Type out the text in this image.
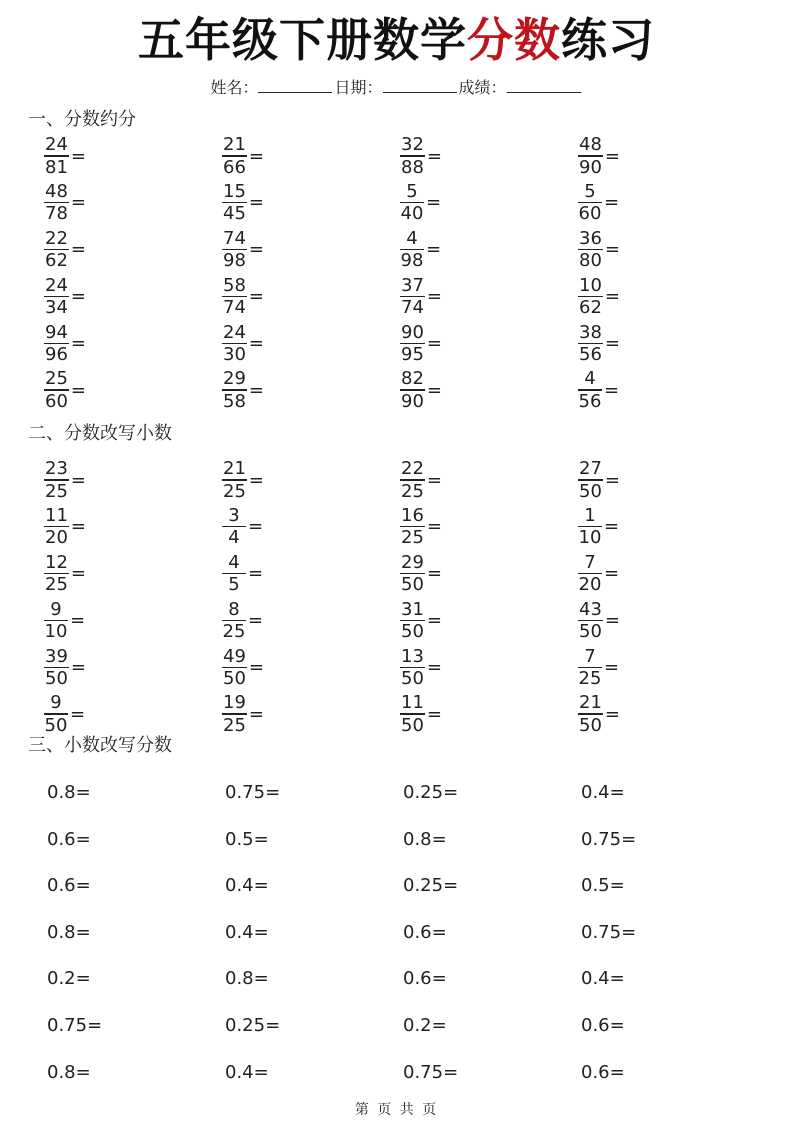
五年级下册数学分数练习
姓名：	日期：	成绩：
一、分数约分
$\frac{24}{81}$ =	$\frac{21}{66}$ =	$\frac{32}{88}$ =	$\frac{48}{90}$ =
$\frac{48}{78}$ =	$\frac{15}{45}$ =	$\frac{5}{40}$ =	$\frac{5}{60}$ =
$\frac{22}{62}$ =	$\frac{74}{98}$ =	$\frac{4}{98}$ =	$\frac{36}{80}$ =
$\frac{24}{34}$ =	$\frac{58}{74}$ =	$\frac{37}{74}$ =	$\frac{10}{62}$ =
$\frac{94}{96}$ =	$\frac{24}{30}$ =	$\frac{90}{95}$ =	$\frac{38}{56}$ =
$\frac{25}{60}$ =	$\frac{29}{58}$ =	$\frac{82}{90}$ =	$\frac{4}{56}$ =
二、分数改写小数
$\frac{23}{25}$ =	$\frac{21}{25}$ =	$\frac{22}{25}$ =	$\frac{27}{50}$ =
$\frac{11}{20}$ =	$\frac{3}{4}$ =	$\frac{16}{25}$ =	$\frac{1}{10}$ =
$\frac{12}{25}$ =	$\frac{4}{5}$ =	$\frac{29}{50}$ =	$\frac{7}{20}$ =
$\frac{9}{10}$ =	$\frac{8}{25}$ =	$\frac{31}{50}$ =	$\frac{43}{50}$ =
$\frac{39}{50}$ =	$\frac{49}{50}$ =	$\frac{13}{50}$ =	$\frac{7}{25}$ =
$\frac{9}{50}$ =	$\frac{19}{25}$ =	$\frac{11}{50}$ =	$\frac{21}{50}$ =
三、小数改写分数
0.8=	0.75=	0.25=	0.4=
0.6=	0.5=	0.8=	0.75=
0.6=	0.4=	0.25=	0.5=
0.8=	0.4=	0.6=	0.75=
0.2=	0.8=	0.6=	0.4=
0.75=	0.25=	0.2=	0.6=
0.8=	0.4=	0.75=	0.6=
第 页 共 页
